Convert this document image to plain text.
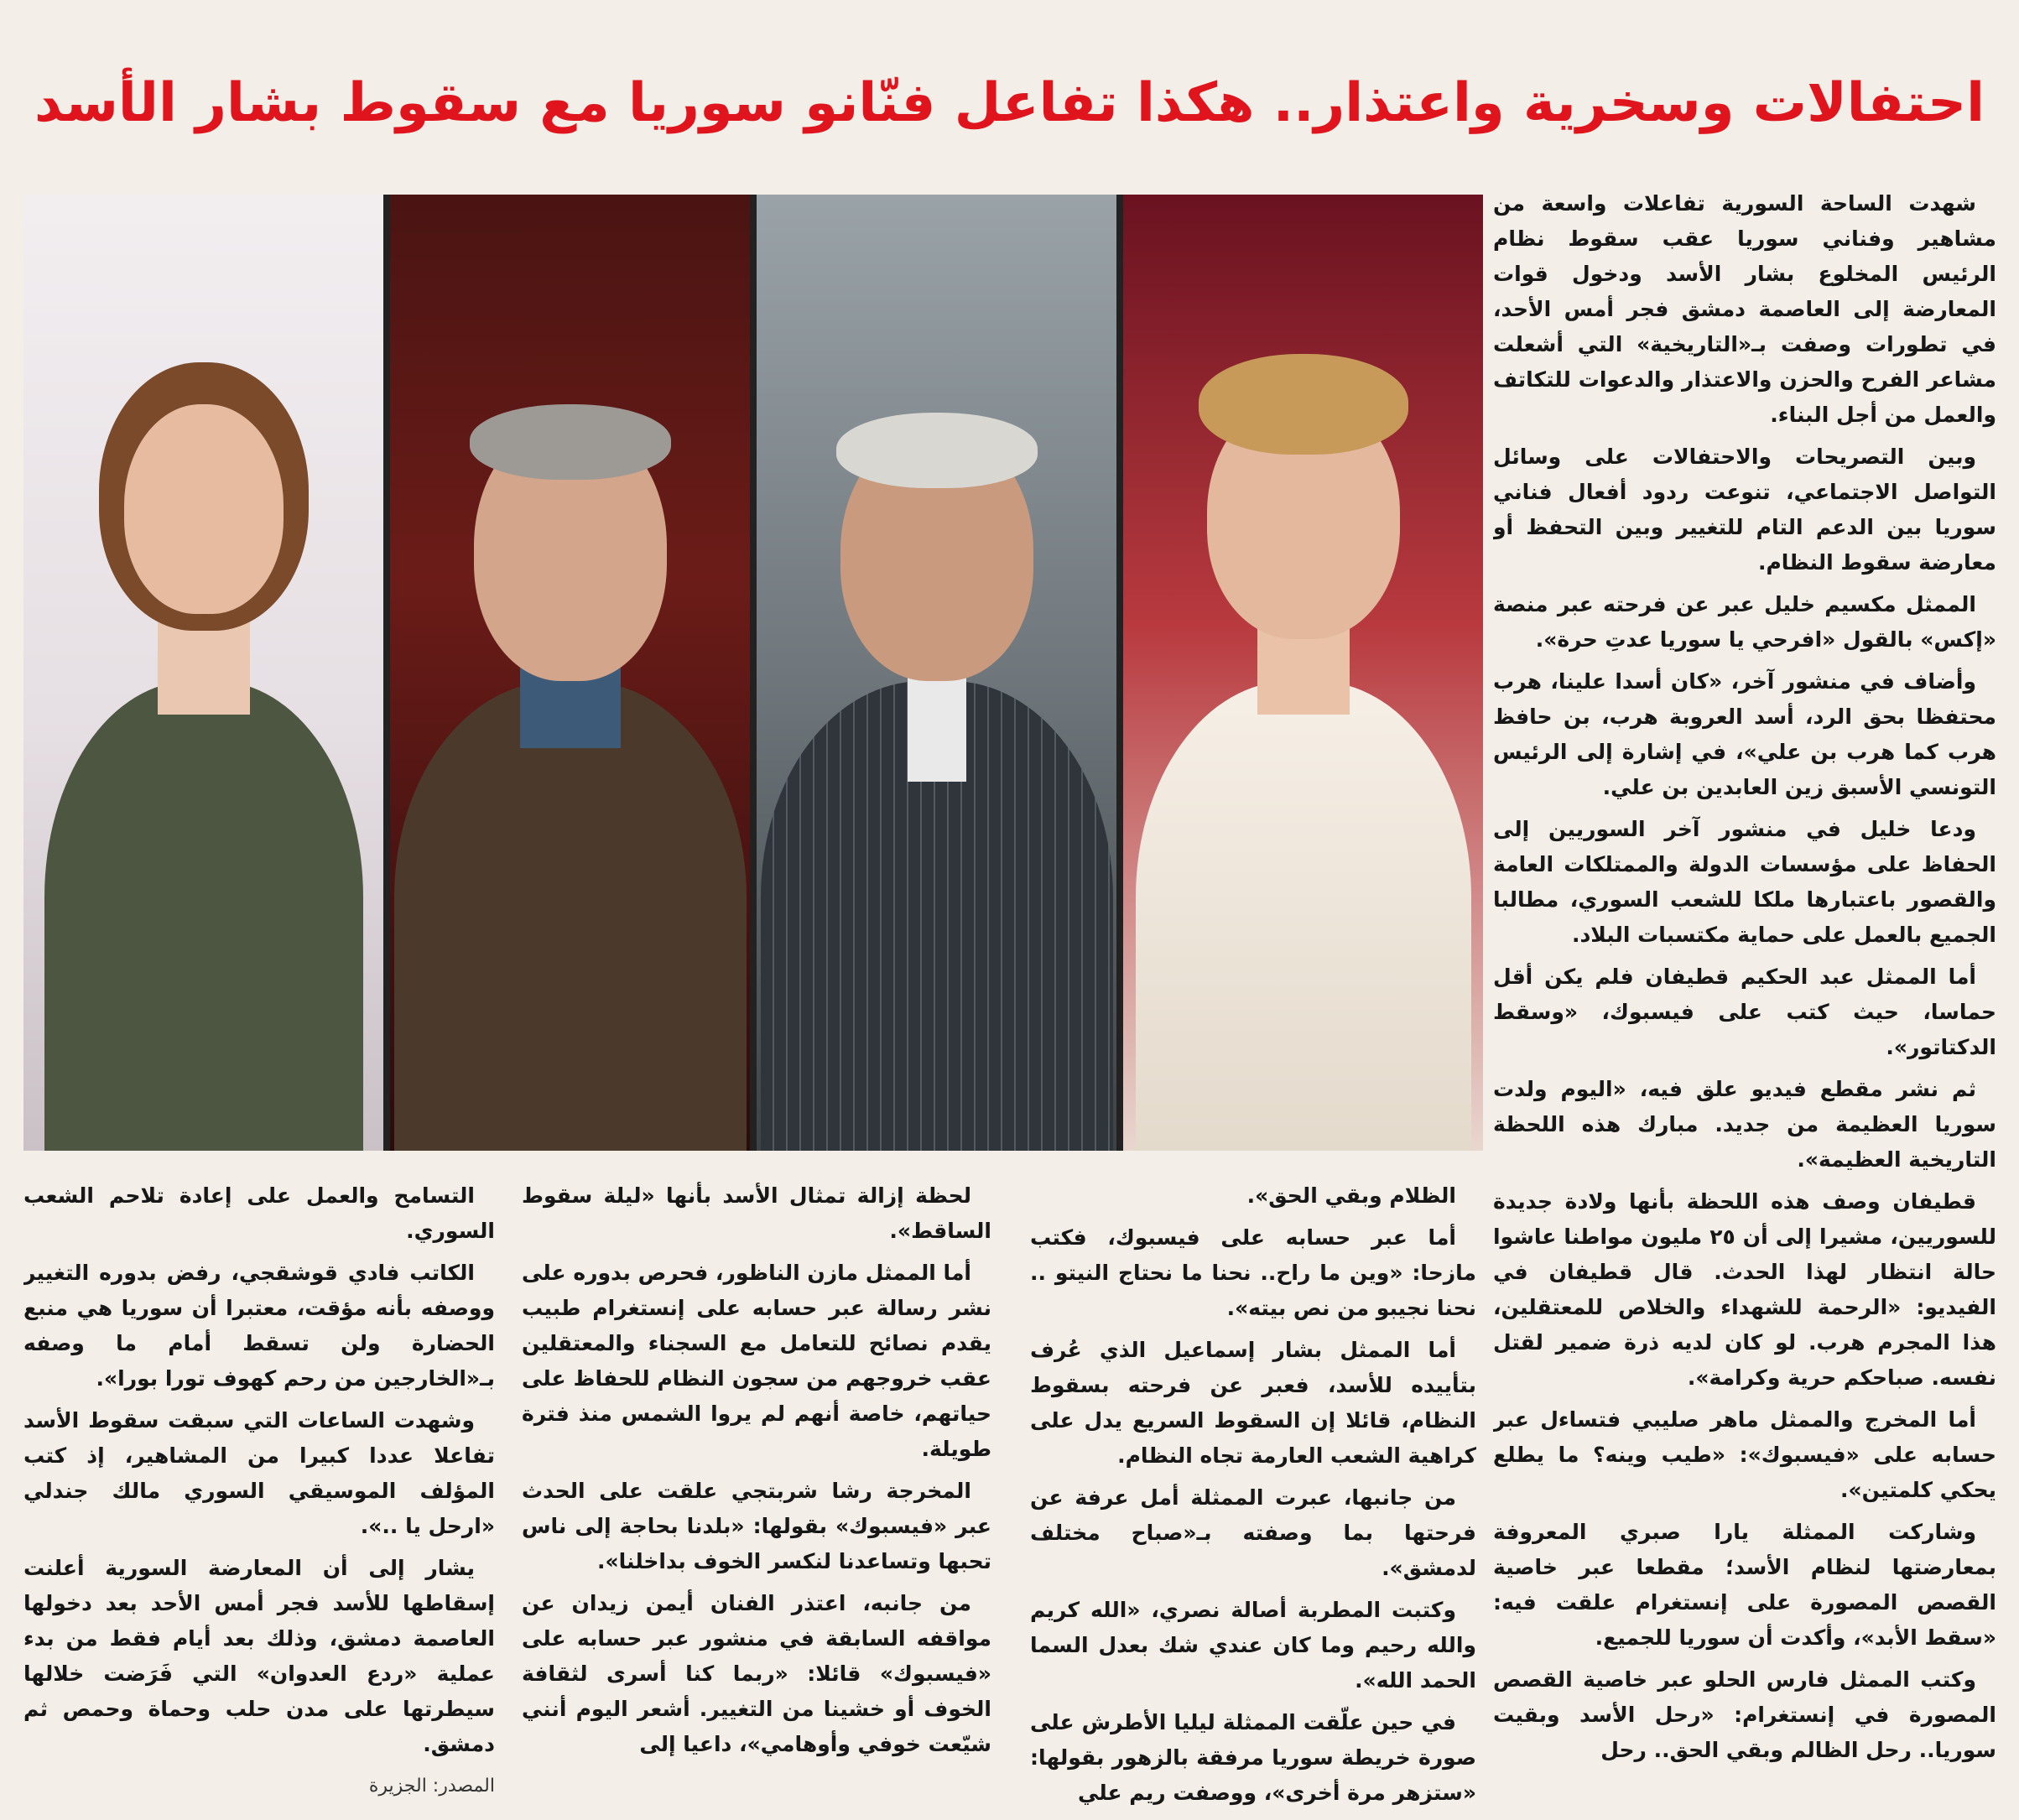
احتفالات وسخرية واعتذار.. هكذا تفاعل فنّانو سوريا مع سقوط بشار الأسد

شهدت الساحة السورية تفاعلات واسعة من مشاهير وفناني سوريا عقب سقوط نظام الرئيس المخلوع بشار الأسد ودخول قوات المعارضة إلى العاصمة دمشق فجر أمس الأحد، في تطورات وصفت بـ«التاريخية» التي أشعلت مشاعر الفرح والحزن والاعتذار والدعوات للتكاتف والعمل من أجل البناء.

وبين التصريحات والاحتفالات على وسائل التواصل الاجتماعي، تنوعت ردود أفعال فناني سوريا بين الدعم التام للتغيير وبين التحفظ أو معارضة سقوط النظام.

الممثل مكسيم خليل عبر عن فرحته عبر منصة «إكس» بالقول «افرحي يا سوريا عدتِ حرة».

وأضاف في منشور آخر، «كان أسدا علينا، هرب محتفظا بحق الرد، أسد العروبة هرب، بن حافظ هرب كما هرب بن علي»، في إشارة إلى الرئيس التونسي الأسبق زين العابدين بن علي.

ودعا خليل في منشور آخر السوريين إلى الحفاظ على مؤسسات الدولة والممتلكات العامة والقصور باعتبارها ملكا للشعب السوري، مطالبا الجميع بالعمل على حماية مكتسبات البلاد.

أما الممثل عبد الحكيم قطيفان فلم يكن أقل حماسا، حيث كتب على فيسبوك، «وسقط الدكتاتور».

ثم نشر مقطع فيديو علق فيه، «اليوم ولدت سوريا العظيمة من جديد. مبارك هذه اللحظة التاريخية العظيمة».

قطيفان وصف هذه اللحظة بأنها ولادة جديدة للسوريين، مشيرا إلى أن ٢٥ مليون مواطنا عاشوا حالة انتظار لهذا الحدث. قال قطيفان في الفيديو: «الرحمة للشهداء والخلاص للمعتقلين، هذا المجرم هرب. لو كان لديه ذرة ضمير لقتل نفسه. صباحكم حرية وكرامة».

أما المخرج والممثل ماهر صليبي فتساءل عبر حسابه على «فيسبوك»: «طيب وينه؟ ما يطلع يحكي كلمتين».

وشاركت الممثلة يارا صبري المعروفة بمعارضتها لنظام الأسد؛ مقطعا عبر خاصية القصص المصورة على إنستغرام علقت فيه: «سقط الأبد»، وأكدت أن سوريا للجميع.

وكتب الممثل فارس الحلو عبر خاصية القصص المصورة في إنستغرام: «رحل الأسد وبقيت سوريا.. رحل الظالم وبقي الحق.. رحل

الظلام وبقي الحق».

أما عبر حسابه على فيسبوك، فكتب مازحا: «وين ما راح.. نحنا ما نحتاج النيتو .. نحنا نجيبو من نص بيته».

أما الممثل بشار إسماعيل الذي عُرف بتأييده للأسد، فعبر عن فرحته بسقوط النظام، قائلا إن السقوط السريع يدل على كراهية الشعب العارمة تجاه النظام.

من جانبها، عبرت الممثلة أمل عرفة عن فرحتها بما وصفته بـ«صباح مختلف لدمشق».

وكتبت المطربة أصالة نصري، «الله كريم والله رحيم وما كان عندي شك بعدل السما الحمد الله».

في حين علّقت الممثلة ليليا الأطرش على صورة خريطة سوريا مرفقة بالزهور بقولها: «ستزهر مرة أخرى»، ووصفت ريم علي

لحظة إزالة تمثال الأسد بأنها «ليلة سقوط الساقط».

أما الممثل مازن الناظور، فحرص بدوره على نشر رسالة عبر حسابه على إنستغرام طبيب يقدم نصائح للتعامل مع السجناء والمعتقلين عقب خروجهم من سجون النظام للحفاظ على حياتهم، خاصة أنهم لم يروا الشمس منذ فترة طويلة.

المخرجة رشا شربتجي علقت على الحدث عبر «فيسبوك» بقولها: «بلدنا بحاجة إلى ناس تحبها وتساعدنا لنكسر الخوف بداخلنا».

من جانبه، اعتذر الفنان أيمن زيدان عن مواقفه السابقة في منشور عبر حسابه على «فيسبوك» قائلا: «ربما كنا أسرى لثقافة الخوف أو خشينا من التغيير. أشعر اليوم أنني شيّعت خوفي وأوهامي»، داعيا إلى

التسامح والعمل على إعادة تلاحم الشعب السوري.

الكاتب فادي قوشقجي، رفض بدوره التغيير ووصفه بأنه مؤقت، معتبرا أن سوريا هي منبع الحضارة ولن تسقط أمام ما وصفه بـ«الخارجين من رحم كهوف تورا بورا».

وشهدت الساعات التي سبقت سقوط الأسد تفاعلا عددا كبيرا من المشاهير، إذ كتب المؤلف الموسيقي السوري مالك جندلي «ارحل يا ..».

يشار إلى أن المعارضة السورية أعلنت إسقاطها للأسد فجر أمس الأحد بعد دخولها العاصمة دمشق، وذلك بعد أيام فقط من بدء عملية «ردع العدوان» التي فَرَضت خلالها سيطرتها على مدن حلب وحماة وحمص ثم دمشق.

المصدر: الجزيرة
